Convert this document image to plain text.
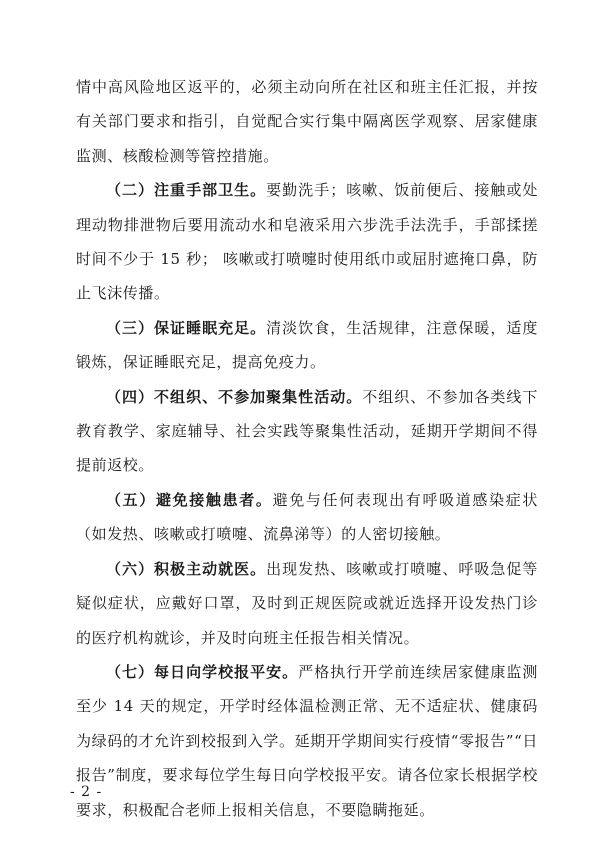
情中高风险地区返平的，必须主动向所在社区和班主任汇报，并按有关部门要求和指引，自觉配合实行集中隔离医学观察、居家健康监测、核酸检测等管控措施。

（二）注重手部卫生。要勤洗手；咳嗽、饭前便后、接触或处理动物排泄物后要用流动水和皂液采用六步洗手法洗手，手部揉搓时间不少于 15 秒； 咳嗽或打喷嚏时使用纸巾或屈肘遮掩口鼻，防止飞沫传播。

（三）保证睡眠充足。清淡饮食，生活规律，注意保暖，适度锻炼，保证睡眠充足，提高免疫力。

（四）不组织、不参加聚集性活动。不组织、不参加各类线下教育教学、家庭辅导、社会实践等聚集性活动，延期开学期间不得提前返校。

（五）避免接触患者。避免与任何表现出有呼吸道感染症状（如发热、咳嗽或打喷嚏、流鼻涕等）的人密切接触。

（六）积极主动就医。出现发热、咳嗽或打喷嚏、呼吸急促等疑似症状，应戴好口罩，及时到正规医院或就近选择开设发热门诊的医疗机构就诊，并及时向班主任报告相关情况。

（七）每日向学校报平安。严格执行开学前连续居家健康监测至少 14 天的规定，开学时经体温检测正常、无不适症状、健康码为绿码的才允许到校报到入学。延期开学期间实行疫情“零报告”“日报告”制度，要求每位学生每日向学校报平安。请各位家长根据学校要求，积极配合老师上报相关信息，不要隐瞒拖延。

- 2 -
